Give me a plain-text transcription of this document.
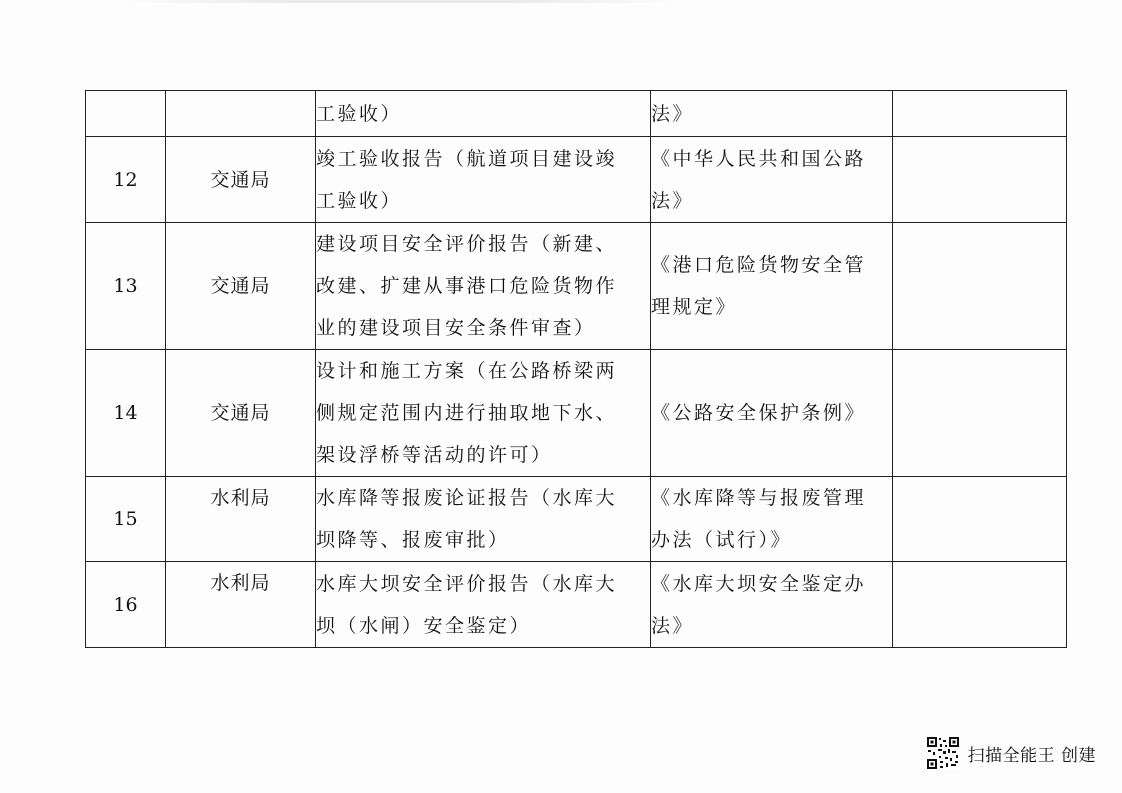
		工验收）	法》	

12	交通局	竣工验收报告（航道项目建设竣
工验收）	《中华人民共和国公路
法》	

13	交通局	建设项目安全评价报告（新建、
改建、扩建从事港口危险货物作
业的建设项目安全条件审查）	《港口危险货物安全管
理规定》	

14	交通局	设计和施工方案（在公路桥梁两
侧规定范围内进行抽取地下水、
架设浮桥等活动的许可）	《公路安全保护条例》	

15	水利局	水库降等报废论证报告（水库大
坝降等、报废审批）	《水库降等与报废管理
办法（试行）》	

16	水利局	水库大坝安全评价报告（水库大
坝（水闸）安全鉴定）	《水库大坝安全鉴定办
法》	

扫描全能王 创建
